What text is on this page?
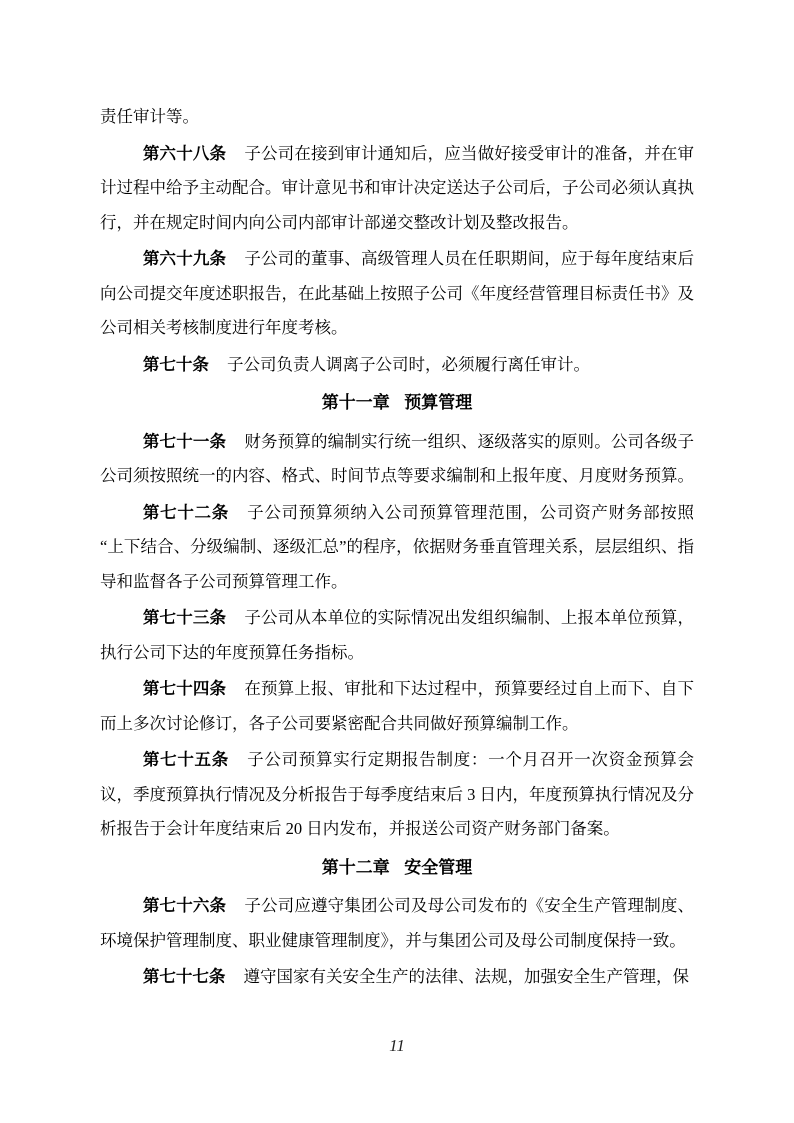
责任审计等。

第六十八条 子公司在接到审计通知后，应当做好接受审计的准备，并在审计过程中给予主动配合。审计意见书和审计决定送达子公司后，子公司必须认真执行，并在规定时间内向公司内部审计部递交整改计划及整改报告。

第六十九条 子公司的董事、高级管理人员在任职期间，应于每年度结束后向公司提交年度述职报告，在此基础上按照子公司《年度经营管理目标责任书》及公司相关考核制度进行年度考核。

第七十条 子公司负责人调离子公司时，必须履行离任审计。

第十一章 预算管理

第七十一条 财务预算的编制实行统一组织、逐级落实的原则。公司各级子公司须按照统一的内容、格式、时间节点等要求编制和上报年度、月度财务预算。

第七十二条 子公司预算须纳入公司预算管理范围，公司资产财务部按照“上下结合、分级编制、逐级汇总”的程序，依据财务垂直管理关系，层层组织、指导和监督各子公司预算管理工作。

第七十三条 子公司从本单位的实际情况出发组织编制、上报本单位预算，执行公司下达的年度预算任务指标。

第七十四条 在预算上报、审批和下达过程中，预算要经过自上而下、自下而上多次讨论修订，各子公司要紧密配合共同做好预算编制工作。

第七十五条 子公司预算实行定期报告制度：一个月召开一次资金预算会议，季度预算执行情况及分析报告于每季度结束后 3 日内，年度预算执行情况及分析报告于会计年度结束后 20 日内发布，并报送公司资产财务部门备案。

第十二章 安全管理

第七十六条 子公司应遵守集团公司及母公司发布的《安全生产管理制度、环境保护管理制度、职业健康管理制度》，并与集团公司及母公司制度保持一致。

第七十七条 遵守国家有关安全生产的法律、法规，加强安全生产管理，保

11
